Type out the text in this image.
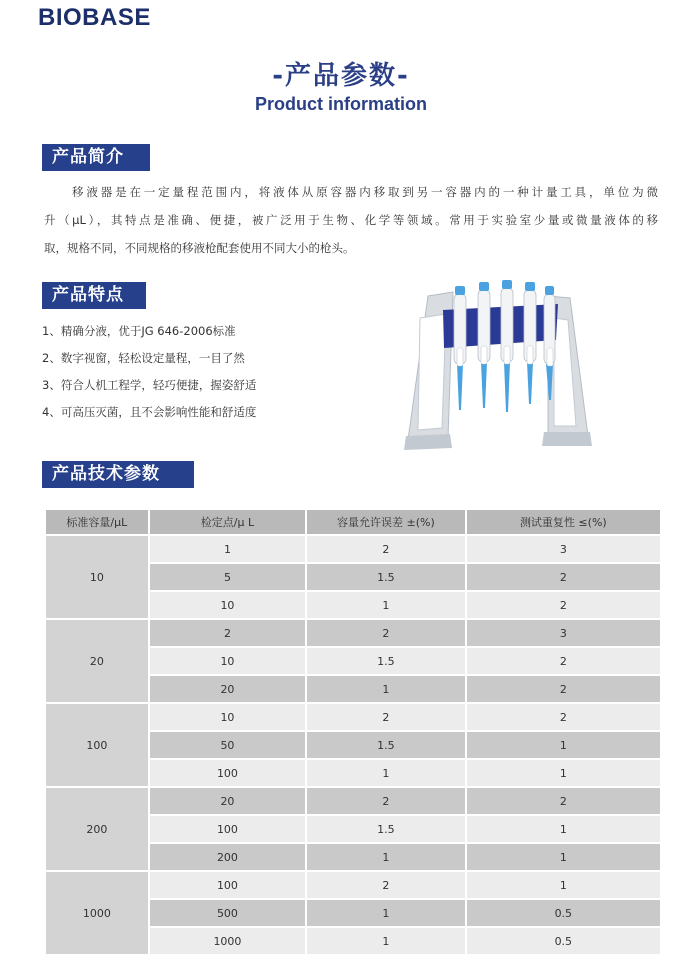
BIOBASE
-产品参数-
Product information
产品简介
移液器是在一定量程范围内，将液体从原容器内移取到另一容器内的一种计量工具，单位为微
升（μL），其特点是准确、便捷，被广泛用于生物、化学等领域。常用于实验室少量或微量液体的移
取，规格不同，不同规格的移液枪配套使用不同大小的枪头。
产品特点
1、精确分液，优于JG 646-2006标准
2、数字视窗，轻松设定量程，一目了然
3、符合人机工程学，轻巧便捷，握姿舒适
4、可高压灭菌，且不会影响性能和舒适度
产品技术参数
标准容量/μL	检定点/μ L	容量允许误差 ±(%)	测试重复性 ≤(%)
10	1	2	3
	5	1.5	2
	10	1	2
20	2	2	3
	10	1.5	2
	20	1	2
100	10	2	2
	50	1.5	1
	100	1	1
200	20	2	2
	100	1.5	1
	200	1	1
1000	100	2	1
	500	1	0.5
	1000	1	0.5
